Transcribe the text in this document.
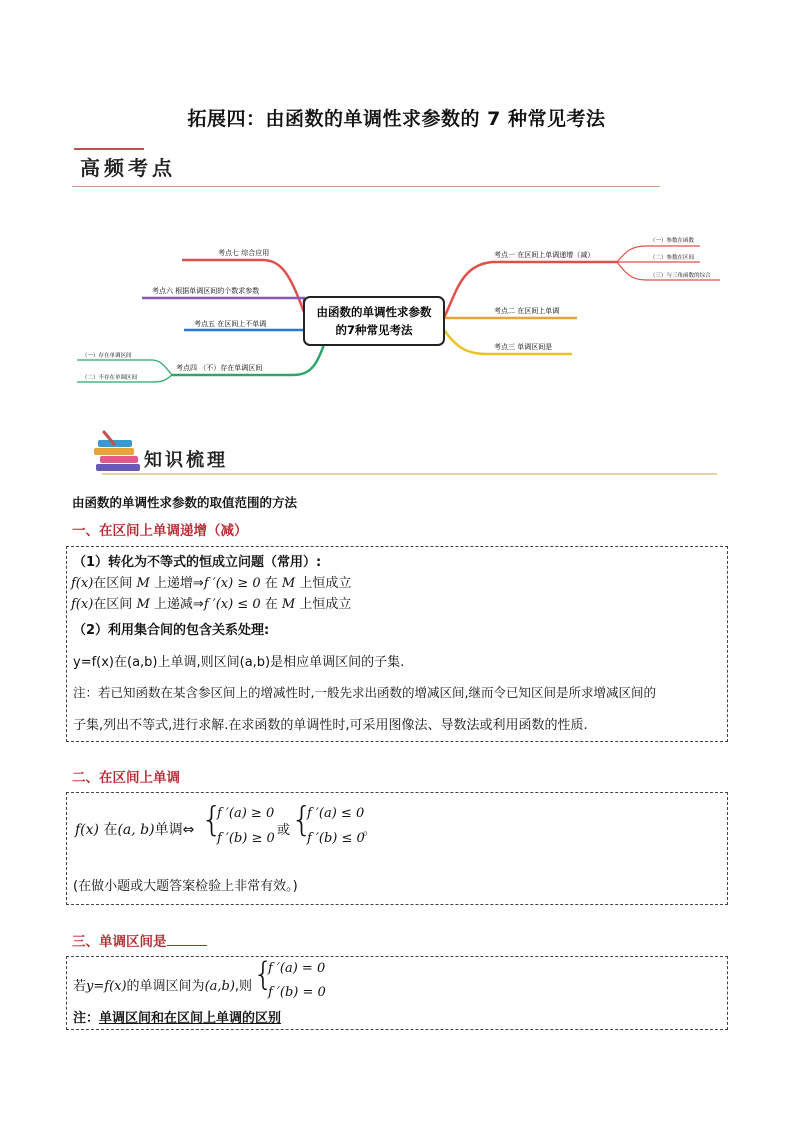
拓展四：由函数的单调性求参数的 7 种常见考法
高频考点
由函数的单调性求参数
的7种常见考法
考点一 在区间上单调递增（减）
（一）参数在函数
（二）参数在区间
（三）与三角函数的综合
考点二 在区间上单调
考点三 单调区间是
考点七 综合应用
考点六 根据单调区间的个数求参数
考点五 在区间上不单调
考点四 （不）存在单调区间
（一）存在单调区间
（二）不存在单调区间
知识梳理
由函数的单调性求参数的取值范围的方法
一、在区间上单调递增（减）
（1）转化为不等式的恒成立问题（常用）:
f(x)在区间 M 上递增⇒f ′(x) ≥ 0 在 M 上恒成立
f(x)在区间 M 上递减⇒f ′(x) ≤ 0 在 M 上恒成立
（2）利用集合间的包含关系处理:
y=f(x)在(a,b)上单调,则区间(a,b)是相应单调区间的子集.
注：若已知函数在某含参区间上的增减性时,一般先求出函数的增减区间,继而令已知区间是所求增减区间的
子集,列出不等式,进行求解.在求函数的单调性时,可采用图像法、导数法或利用函数的性质.
二、在区间上单调
f(x) 在(a, b)单调⇔ {
f ′(a) ≥ 0
f ′(b) ≥ 0
或 {
f ′(a) ≤ 0
f ′(b) ≤ 0
。
(在做小题或大题答案检验上非常有效。)
三、单调区间是
若y=f(x)的单调区间为(a,b),则 {
f ′(a) = 0
f ′(b) = 0
注：单调区间和在区间上单调的区别
